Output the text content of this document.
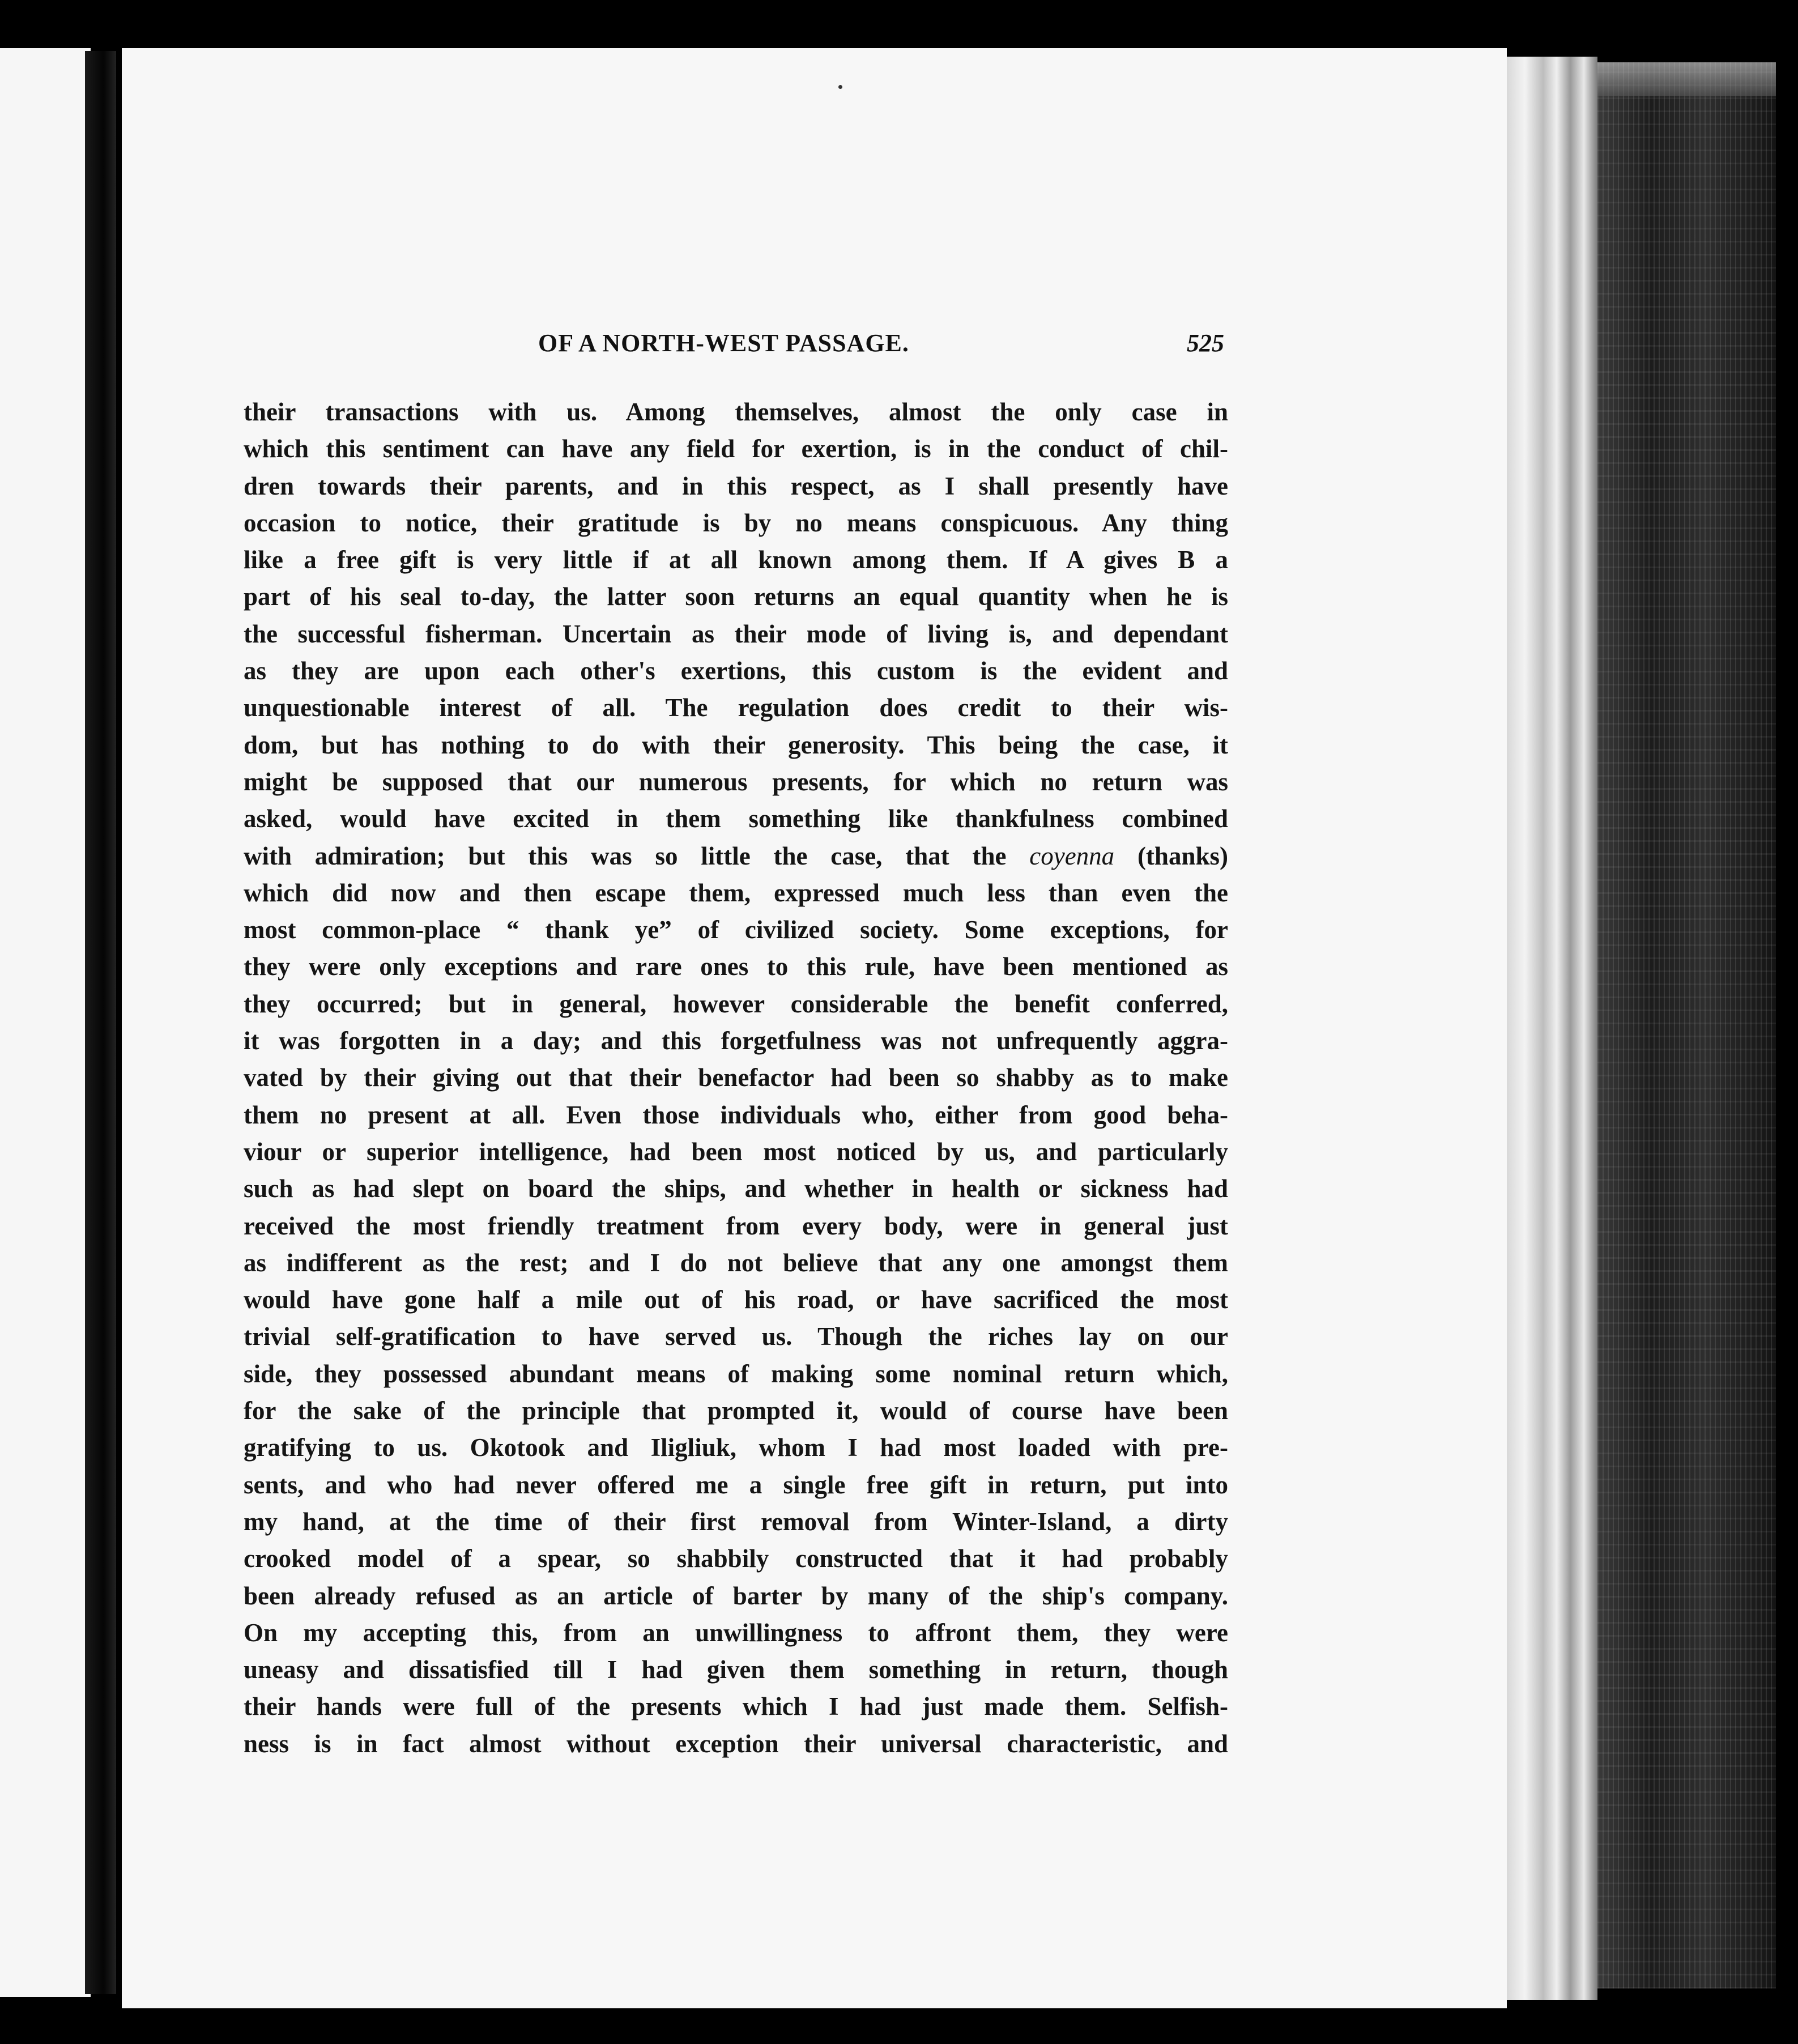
OF A NORTH-WEST PASSAGE.	525
their transactions with us. Among themselves, almost the only case in
which this sentiment can have any field for exertion, is in the conduct of chil-
dren towards their parents, and in this respect, as I shall presently have
occasion to notice, their gratitude is by no means conspicuous. Any thing
like a free gift is very little if at all known among them. If A gives B a
part of his seal to-day, the latter soon returns an equal quantity when he is
the successful fisherman. Uncertain as their mode of living is, and dependant
as they are upon each other's exertions, this custom is the evident and
unquestionable interest of all. The regulation does credit to their wis-
dom, but has nothing to do with their generosity. This being the case, it
might be supposed that our numerous presents, for which no return was
asked, would have excited in them something like thankfulness combined
with admiration; but this was so little the case, that the coyenna (thanks)
which did now and then escape them, expressed much less than even the
most common-place “ thank ye” of civilized society. Some exceptions, for
they were only exceptions and rare ones to this rule, have been mentioned as
they occurred; but in general, however considerable the benefit conferred,
it was forgotten in a day; and this forgetfulness was not unfrequently aggra-
vated by their giving out that their benefactor had been so shabby as to make
them no present at all. Even those individuals who, either from good beha-
viour or superior intelligence, had been most noticed by us, and particularly
such as had slept on board the ships, and whether in health or sickness had
received the most friendly treatment from every body, were in general just
as indifferent as the rest; and I do not believe that any one amongst them
would have gone half a mile out of his road, or have sacrificed the most
trivial self-gratification to have served us. Though the riches lay on our
side, they possessed abundant means of making some nominal return which,
for the sake of the principle that prompted it, would of course have been
gratifying to us. Okotook and Iligliuk, whom I had most loaded with pre-
sents, and who had never offered me a single free gift in return, put into
my hand, at the time of their first removal from Winter-Island, a dirty
crooked model of a spear, so shabbily constructed that it had probably
been already refused as an article of barter by many of the ship's company.
On my accepting this, from an unwillingness to affront them, they were
uneasy and dissatisfied till I had given them something in return, though
their hands were full of the presents which I had just made them. Selfish-
ness is in fact almost without exception their universal characteristic, and
